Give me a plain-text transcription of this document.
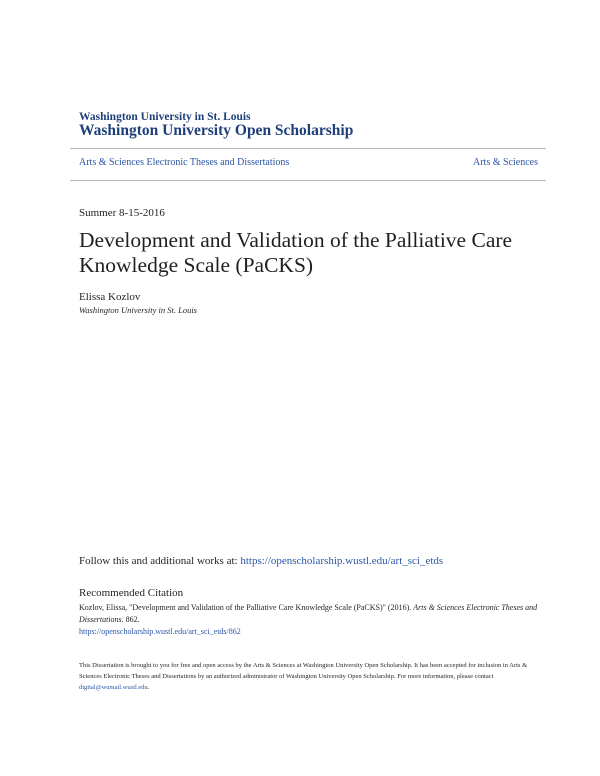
Washington University in St. Louis
Washington University Open Scholarship
Arts & Sciences Electronic Theses and Dissertations	Arts & Sciences
Summer 8-15-2016
Development and Validation of the Palliative Care Knowledge Scale (PaCKS)
Elissa Kozlov
Washington University in St. Louis
Follow this and additional works at: https://openscholarship.wustl.edu/art_sci_etds
Recommended Citation
Kozlov, Elissa, "Development and Validation of the Palliative Care Knowledge Scale (PaCKS)" (2016). Arts & Sciences Electronic Theses and Dissertations. 862.
https://openscholarship.wustl.edu/art_sci_etds/862
This Dissertation is brought to you for free and open access by the Arts & Sciences at Washington University Open Scholarship. It has been accepted for inclusion in Arts & Sciences Electronic Theses and Dissertations by an authorized administrator of Washington University Open Scholarship. For more information, please contact digital@wumail.wustl.edu.
